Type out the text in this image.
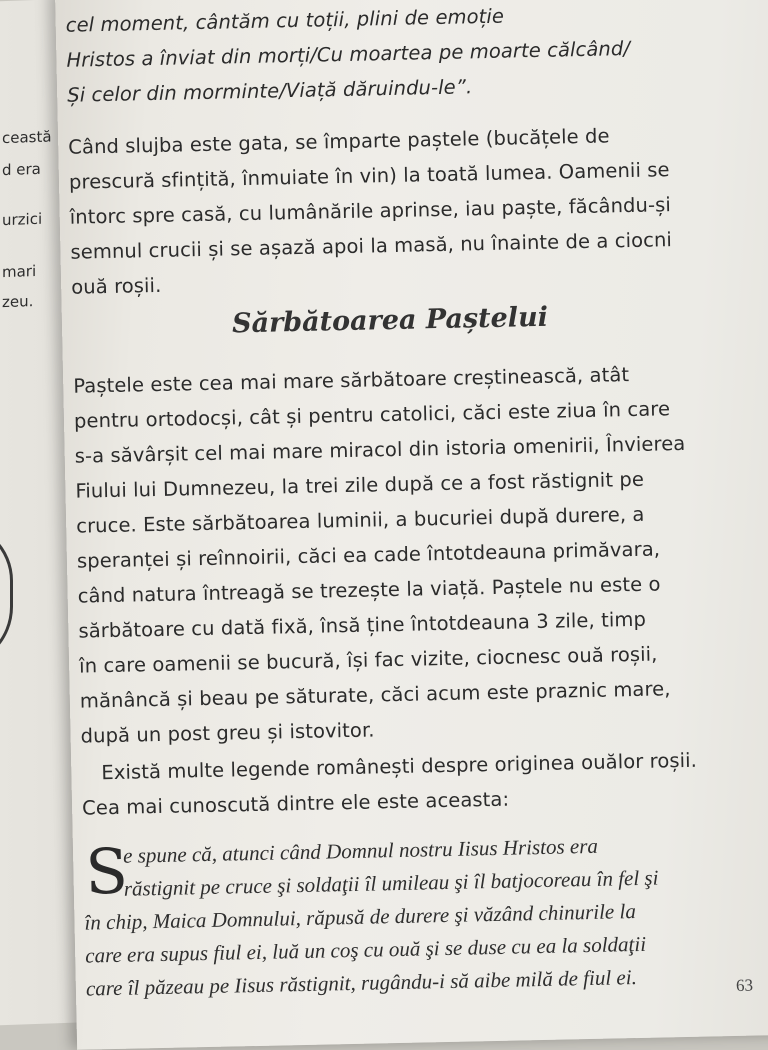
ceastă
d era
urzici
mari
zeu.
cel moment, cântăm cu toții, plini de emoție
Hristos a înviat din morți/Cu moartea pe moarte călcând/
Și celor din morminte/Viață dăruindu-le”.
Când slujba este gata, se împarte paștele (bucățele de
prescură sfințită, înmuiate în vin) la toată lumea. Oamenii se
întorc spre casă, cu lumânările aprinse, iau paște, făcându-și
semnul crucii și se așază apoi la masă, nu înainte de a ciocni
ouă roșii.
Sărbătoarea Paștelui
Paștele este cea mai mare sărbătoare creștinească, atât
pentru ortodocși, cât și pentru catolici, căci este ziua în care
s-a săvârșit cel mai mare miracol din istoria omenirii, Învierea
Fiului lui Dumnezeu, la trei zile după ce a fost răstignit pe
cruce. Este sărbătoarea luminii, a bucuriei după durere, a
speranței și reînnoirii, căci ea cade întotdeauna primăvara,
când natura întreagă se trezește la viață. Paștele nu este o
sărbătoare cu dată fixă, însă ține întotdeauna 3 zile, timp
în care oamenii se bucură, își fac vizite, ciocnesc ouă roșii,
mănâncă și beau pe săturate, căci acum este praznic mare,
după un post greu și istovitor.
Există multe legende românești despre originea ouălor roșii.
Cea mai cunoscută dintre ele este aceasta:
S
e spune că, atunci când Domnul nostru Iisus Hristos era
răstignit pe cruce şi soldaţii îl umileau şi îl batjocoreau în fel şi
în chip, Maica Domnului, răpusă de durere şi văzând chinurile la
care era supus fiul ei, luă un coş cu ouă şi se duse cu ea la soldaţii
care îl păzeau pe Iisus răstignit, rugându-i să aibe milă de fiul ei.	63
